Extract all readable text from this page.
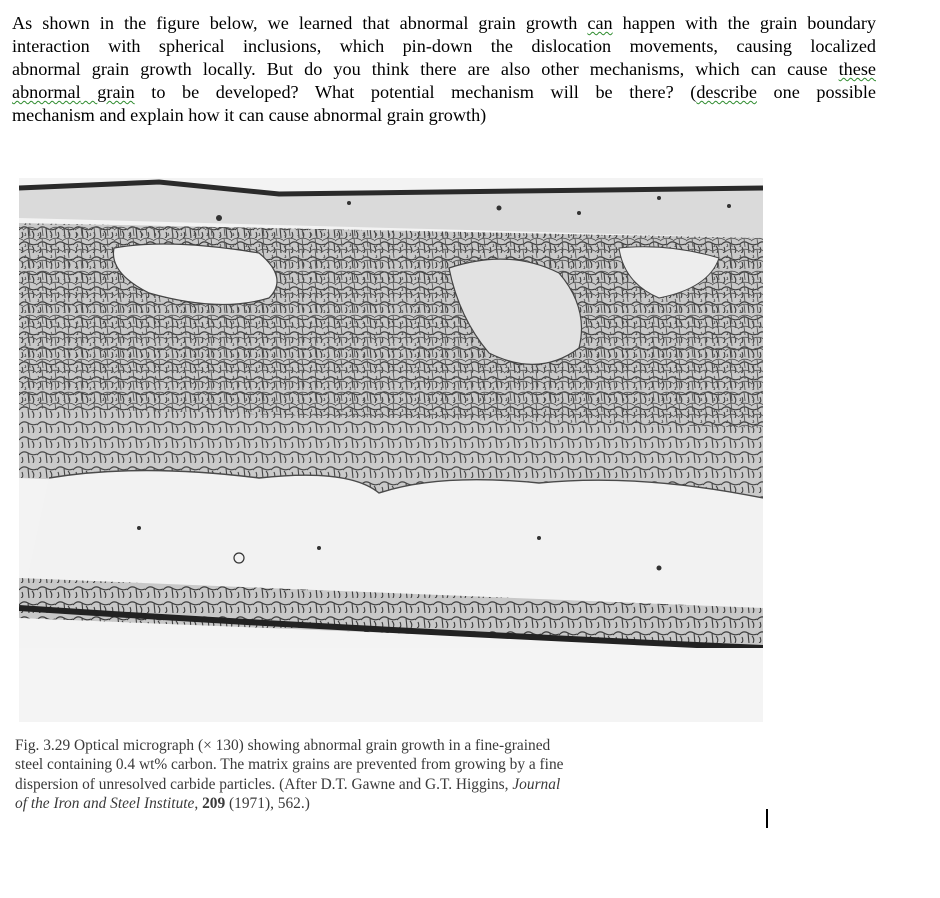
As shown in the figure below, we learned that abnormal grain growth can happen with the grain boundary
interaction with spherical inclusions, which pin-down the dislocation movements, causing localized
abnormal grain growth locally. But do you think there are also other mechanisms, which can cause these
abnormal grain to be developed? What potential mechanism will be there? (describe one possible
mechanism and explain how it can cause abnormal grain growth)
Fig. 3.29 Optical micrograph (× 130) showing abnormal grain growth in a fine-grained
steel containing 0.4 wt% carbon. The matrix grains are prevented from growing by a fine
dispersion of unresolved carbide particles. (After D.T. Gawne and G.T. Higgins, Journal
of the Iron and Steel Institute, 209 (1971), 562.)
